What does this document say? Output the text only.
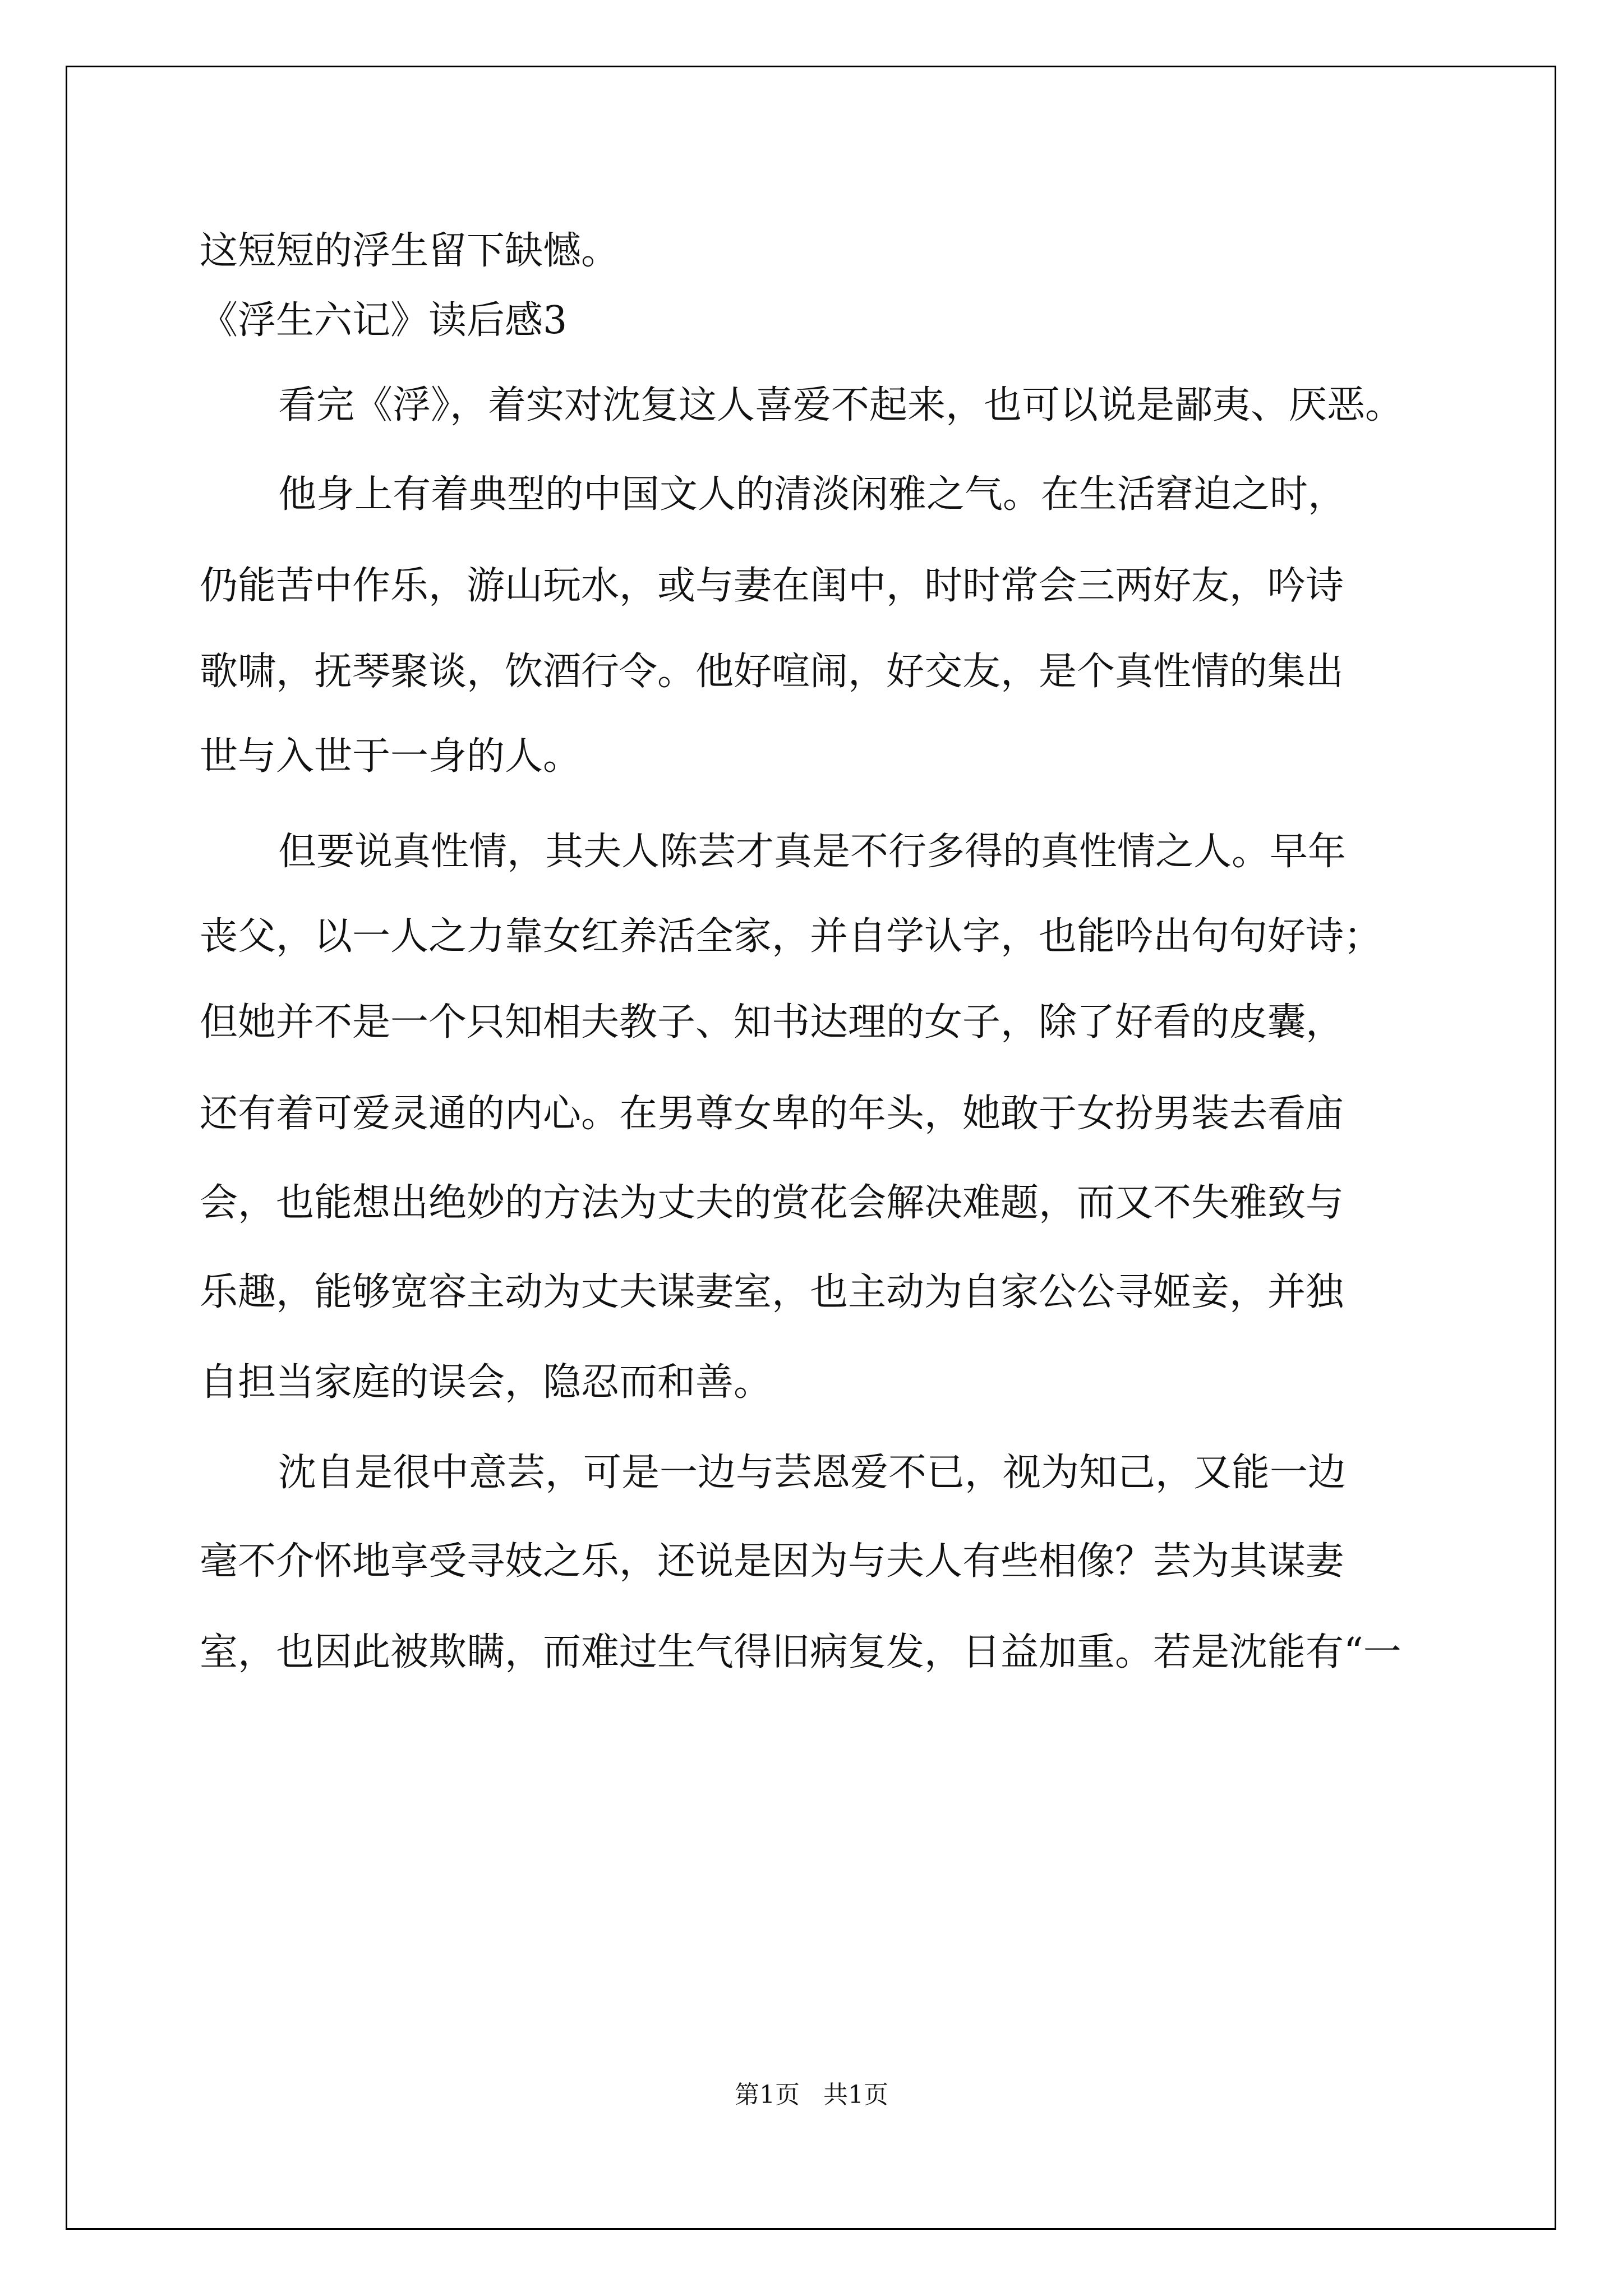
这短短的浮生留下缺憾。
《浮生六记》读后感3
看完《浮》，着实对沈复这人喜爱不起来，也可以说是鄙夷、厌恶。
他身上有着典型的中国文人的清淡闲雅之气。在生活窘迫之时，
仍能苦中作乐，游山玩水，或与妻在闺中，时时常会三两好友，吟诗
歌啸，抚琴聚谈，饮酒行令。他好喧闹，好交友，是个真性情的集出
世与入世于一身的人。
但要说真性情，其夫人陈芸才真是不行多得的真性情之人。早年
丧父，以一人之力靠女红养活全家，并自学认字，也能吟出句句好诗；
但她并不是一个只知相夫教子、知书达理的女子，除了好看的皮囊，
还有着可爱灵通的内心。在男尊女卑的年头，她敢于女扮男装去看庙
会，也能想出绝妙的方法为丈夫的赏花会解决难题，而又不失雅致与
乐趣，能够宽容主动为丈夫谋妻室，也主动为自家公公寻姬妾，并独
自担当家庭的误会，隐忍而和善。
沈自是很中意芸，可是一边与芸恩爱不已，视为知己，又能一边
毫不介怀地享受寻妓之乐，还说是因为与夫人有些相像？芸为其谋妻
室，也因此被欺瞒，而难过生气得旧病复发，日益加重。若是沈能有“一
第1页 共1页
